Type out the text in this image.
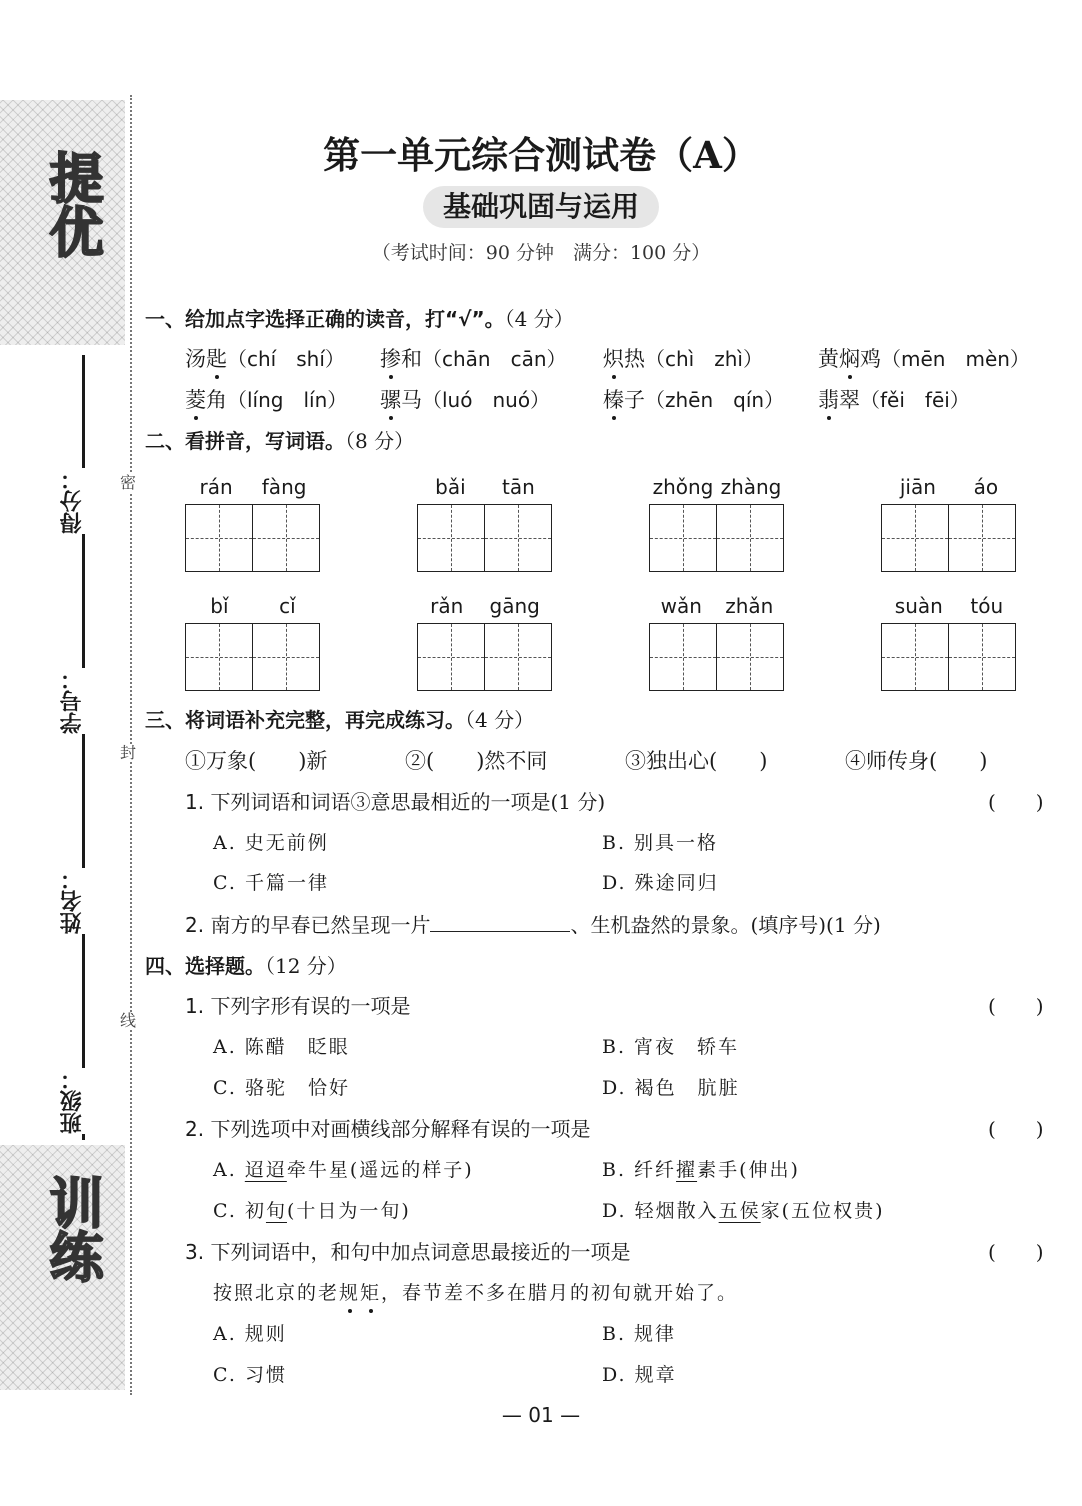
提优
训练
得分：
学号：
姓名：
班级：
密
封
线
第一单元综合测试卷（A）
基础巩固与运用
（考试时间：90 分钟　满分：100 分）
一、给加点字选择正确的读音，打“√”。（4 分）
汤匙（chí　shí） 掺和（chān　cān） 炽热（chì　zhì）	黄焖鸡（mēn　mèn）
菱角（líng　lín） 骡马（luó　nuó）	榛子（zhēn　qín） 翡翠（fěi　fēi）
二、看拼音，写词语。（8 分）
rán fàng	bǎi tān	zhǒng zhàng	jiān áo
bǐ	cǐ	rǎn gāng	wǎn zhǎn	suàn tóu
三、将词语补充完整，再完成练习。（4 分）
①万象(　　)新	②(　　)然不同	③独出心(　　)	④师传身(　　)
1. 下列词语和词语③意思最相近的一项是(1 分)	(　　)
A. 史无前例	B. 别具一格
C. 千篇一律	D. 殊途同归
2. 南方的早春已然呈现一片	、生机盎然的景象。(填序号)(1 分)
四、选择题。（12 分）
1. 下列字形有误的一项是	(　　)
A. 陈醋　眨眼	B. 宵夜　轿车
C. 骆驼　恰好	D. 褐色　肮脏
2. 下列选项中对画横线部分解释有误的一项是	(　　)
A. 迢迢牵牛星(遥远的样子)	B. 纤纤擢素手(伸出)
C. 初旬(十日为一旬)	D. 轻烟散入五侯家(五位权贵)
3. 下列词语中，和句中加点词意思最接近的一项是	(　　)
按照北京的老规矩，春节差不多在腊月的初旬就开始了。
A. 规则	B. 规律
C. 习惯	D. 规章
— 01 —
